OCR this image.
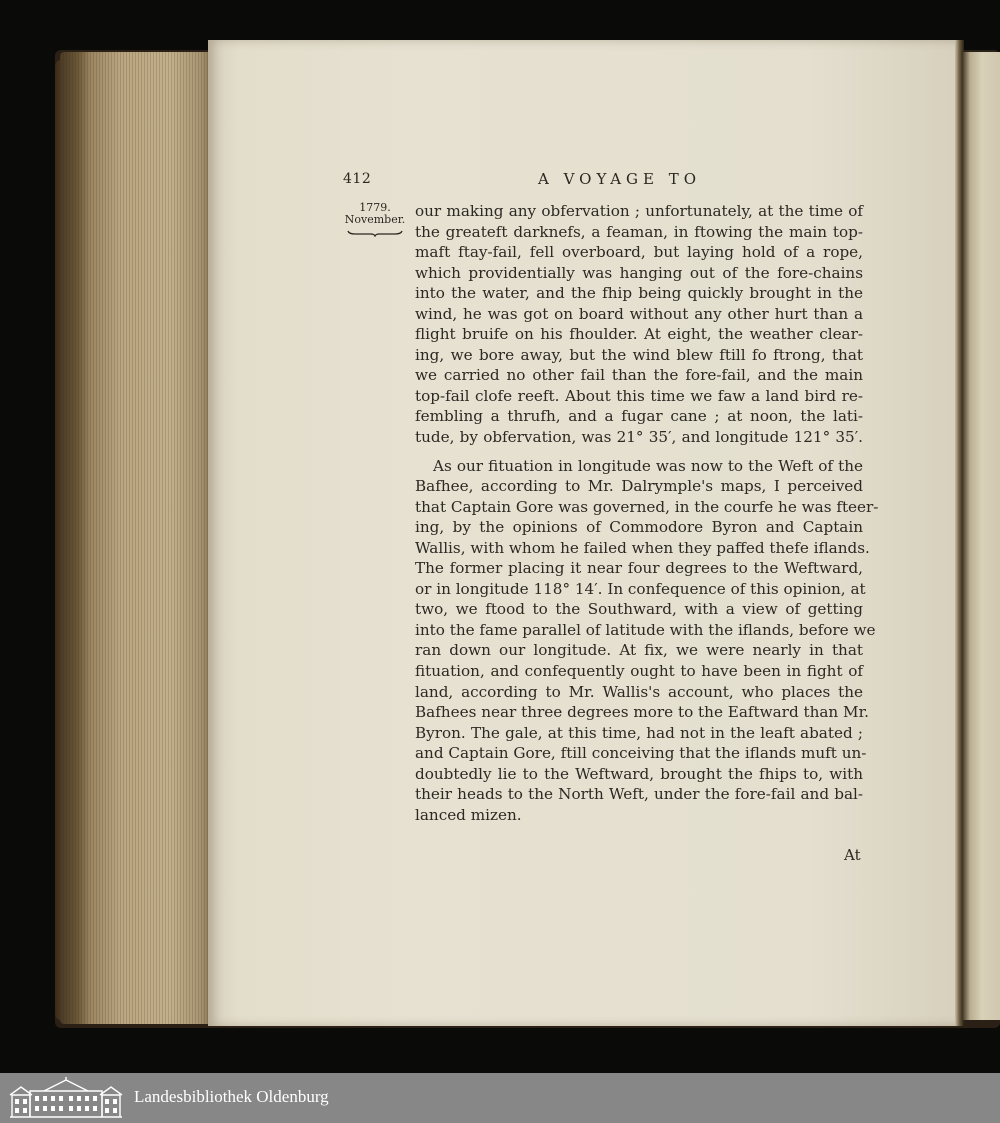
412	A VOYAGE TO
1779.
November. our making any obfervation ; unfortunately, at the time of
the greateft darknefs, a feaman, in ftowing the main top-
maft ftay-fail, fell overboard, but laying hold of a rope,
which providentially was hanging out of the fore-chains
into the water, and the fhip being quickly brought in the
wind, he was got on board without any other hurt than a
flight bruife on his fhoulder. At eight, the weather clear-
ing, we bore away, but the wind blew ftill fo ftrong, that
we carried no other fail than the fore-fail, and the main
top-fail clofe reeft. About this time we faw a land bird re-
fembling a thrufh, and a fugar cane ; at noon, the lati-
tude, by obfervation, was 21° 35′, and longitude 121° 35′.
As our fituation in longitude was now to the Weft of the
Bafhee, according to Mr. Dalrymple's maps, I perceived
that Captain Gore was governed, in the courfe he was fteer-
ing, by the opinions of Commodore Byron and Captain
Wallis, with whom he failed when they paffed thefe iflands.
The former placing it near four degrees to the Weftward,
or in longitude 118° 14′. In confequence of this opinion, at
two, we ftood to the Southward, with a view of getting
into the fame parallel of latitude with the iflands, before we
ran down our longitude. At fix, we were nearly in that
fituation, and confequently ought to have been in fight of
land, according to Mr. Wallis's account, who places the
Bafhees near three degrees more to the Eaftward than Mr.
Byron. The gale, at this time, had not in the leaft abated ;
and Captain Gore, ftill conceiving that the iflands muft un-
doubtedly lie to the Weftward, brought the fhips to, with
their heads to the North Weft, under the fore-fail and bal-
lanced mizen.
At
Landesbibliothek Oldenburg
